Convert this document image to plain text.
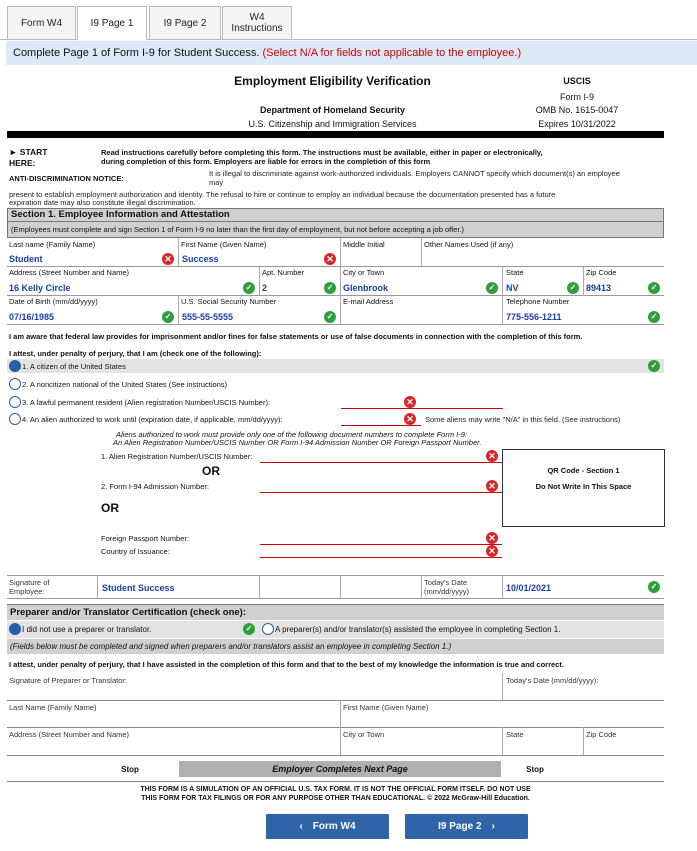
Form W4	I9 Page 1	I9 Page 2	W4
Instructions
Complete Page 1 of Form I-9 for Student Success. (Select N/A for fields not applicable to the employee.)
Employment Eligibility Verification
Department of Homeland Security
U.S. Citizenship and Immigration Services
USCIS
Form I-9
OMB No. 1615-0047
Expires 10/31/2022
► START
HERE:
Read instructions carefully before completing this form. The instructions must be available, either in paper or electronically,
during completion of this form. Employers are liable for errors in the completion of this form
ANTI-DISCRIMINATION NOTICE:
It is illegal to discriminate against work-authorized individuals. Employers CANNOT specify which document(s) an employee
may
present to establish employment authorization and identity. The refusal to hire or continue to employ an individual because the documentation presented has a future
expiration date may also constitute illegal discrimination.
Section 1. Employee Information and Attestation
(Employees must complete and sign Section 1 of Form I-9 no later than the first day of employment, but not before accepting a job offer.)
Last name (Family Name)
Student	✕
First Name (Given Name)
Success	✕
Middle Initial	Other Names Used (if any)
Address (Street Number and Name)
16 Kelly Circle	✓
Apt. Number
2	✓
City or Town
Glenbrook	✓
State
NV	✓
Zip Code
89413	✓
Date of Birth (mm/dd/yyyy)
07/16/1985	✓
U.S. Social Security Number
555-55-5555	✓
E-mail Address	Telephone Number
775-556-1211	✓
I am aware that federal law provides for imprisonment and/or fines for false statements or use of false documents in connection with the completion of this form.
I attest, under penalty of perjury, that I am (check one of the following):
1. A citizen of the United States	✓
2. A noncitizen national of the United States (See instructions)
3. A lawful permanent resident (Alien registration Number/USCIS Number):	✕
4. An alien authorized to work until (expiration date, if applicable, mm/dd/yyyy):	✕ Some aliens may write "N/A" in this field. (See instructions)
Aliens authorized to work must provide only one of the following document numbers to complete Form I-9:
An Alien Registration Number/USCIS Number OR Form I-94 Admission Number OR Foreign Passport Number.
1. Alien Registration Number/USCIS Number:	✕
OR
2. Form I-94 Admission Number:	✕
OR
Foreign Passport Number:	✕
Country of Issuance:	✕
QR Code - Section 1
Do Not Write In This Space
Signature of
Employee:	Student Success
Today's Date
(mm/dd/yyyy)	10/01/2021	✓
Preparer and/or Translator Certification (check one):
I did not use a preparer or translator.	✓	A preparer(s) and/or translator(s) assisted the employee in completing Section 1.
(Fields below must be completed and signed when preparers and/or translators assist an employee in completing Section 1.)
I attest, under penalty of perjury, that I have assisted in the completion of this form and that to the best of my knowledge the information is true and correct.
Signature of Preparer or Translator:	Today's Date (mm/dd/yyyy):
Last Name (Family Name)	First Name (Given Name)
Address (Street Number and Name)	City or Town	State	Zip Code
Stop	Employer Completes Next Page	Stop
THIS FORM IS A SIMULATION OF AN OFFICIAL U.S. TAX FORM. IT IS NOT THE OFFICIAL FORM ITSELF. DO NOT USE
THIS FORM FOR TAX FILINGS OR FOR ANY PURPOSE OTHER THAN EDUCATIONAL. © 2022 McGraw-Hill Education.
‹ Form W4	I9 Page 2 ›
